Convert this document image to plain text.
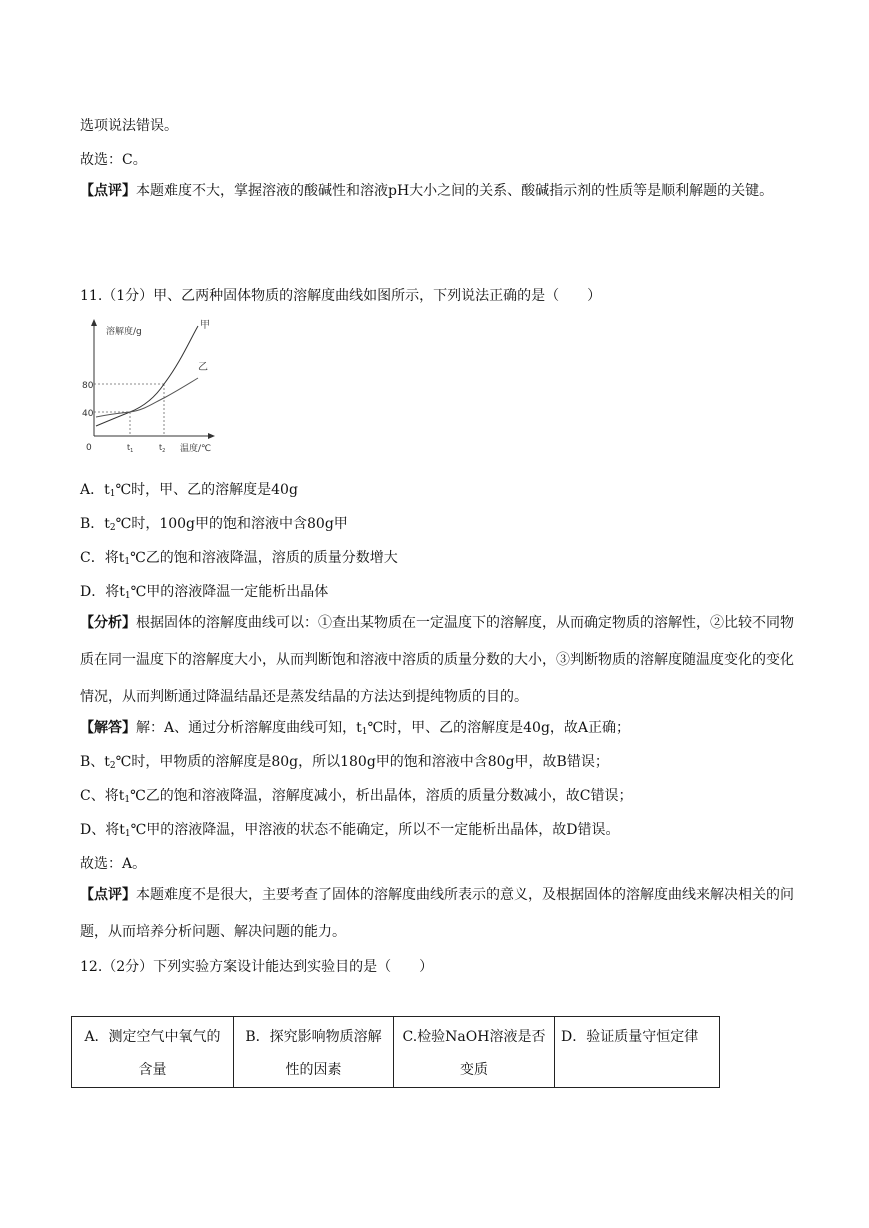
选项说法错误。
故选：C。
【点评】本题难度不大，掌握溶液的酸碱性和溶液pH大小之间的关系、酸碱指示剂的性质等是顺利解题的关键。
11.（1分）甲、乙两种固体物质的溶解度曲线如图所示，下列说法正确的是（　　）
溶解度/g
温度/℃
0
40
80
$t_1$	$t_2$
甲
乙
A．$t_1℃$时，甲、乙的溶解度是40g
B．$t_2℃$时，100g甲的饱和溶液中含80g甲
C．将$t_1℃$乙的饱和溶液降温，溶质的质量分数增大
D．将$t_1℃$甲的溶液降温一定能析出晶体
【分析】根据固体的溶解度曲线可以：①查出某物质在一定温度下的溶解度，从而确定物质的溶解性，②比较不同物质在同一温度下的溶解度大小，从而判断饱和溶液中溶质的质量分数的大小，③判断物质的溶解度随温度变化的变化情况，从而判断通过降温结晶还是蒸发结晶的方法达到提纯物质的目的。
【解答】解：A、通过分析溶解度曲线可知，$t_1℃$时，甲、乙的溶解度是40g，故A正确；
B、$t_2℃$时，甲物质的溶解度是80g，所以180g甲的饱和溶液中含80g甲，故B错误；
C、将$t_1℃$乙的饱和溶液降温，溶解度减小，析出晶体，溶质的质量分数减小，故C错误；
D、将$t_1℃$甲的溶液降温，甲溶液的状态不能确定，所以不一定能析出晶体，故D错误。
故选：A。
【点评】本题难度不是很大，主要考查了固体的溶解度曲线所表示的意义，及根据固体的溶解度曲线来解决相关的问题，从而培养分析问题、解决问题的能力。
12.（2分）下列实验方案设计能达到实验目的是（　　）
A．测定空气中氧气的含量	B．探究影响物质溶解性的因素	C.检验NaOH溶液是否变质	D．验证质量守恒定律
